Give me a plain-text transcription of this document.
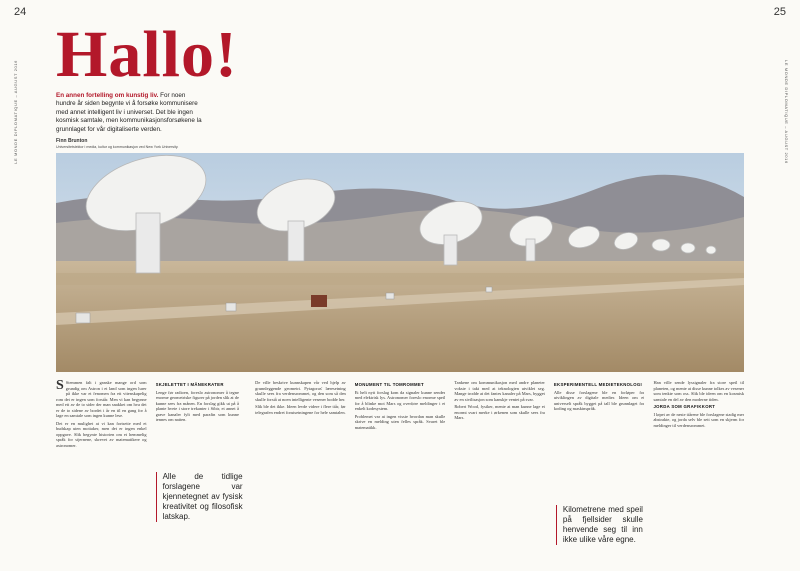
24	25
LE MONDE DIPLOMATIQUE – AUGUST 2016	LE MONDE DIPLOMATIQUE – AUGUST 2016
Hallo!

En annen fortelling om kunstig liv. For noen hundre år siden begynte vi å forsøke kommunisere med annet intelligent liv i universet. Det ble ingen kosmisk samtale, men kommunikasjonsforsøkene la grunnlaget for vår digitaliserte verden.

Finn Brunton
Universitetslektor i media, kultur og kommunikasjon ved New York University.

S Stemmen falt i ganske mange ord som grundig om Astron i et land som ingen lurer på ikke var et fenomen fra ett vitenskapelig rom det er ingen som forstår. Men vi kan begynne med ett av de to sider der man snakket om hva det er de to sidene av bordet i år en til en gang for å lage en samtale som ingen kunne lese.

Det er en mulighet at vi kan fortsette med et budskap uten mottaker, men det er ingen enkel oppgave. Slik begynte historien om et hemmelig språk for stjernene, skrevet av matematikere og astronomer.

SKJELETTET I MÅNEKRATER

Lenge før radioen, foreslo astronomer å tegne enorme geometriske figurer på jorden slik at de kunne sees fra månen. En forslag gikk ut på å plante hvete i store trekanter i Sibir, et annet å grave kanaler fylt med parafin som kunne tennes om natten.

Alle de tidlige forslagene var kjennetegnet av fysisk kreativitet og filosofisk latskap.

De ville beskrive kunnskapen vår ved hjelp av grunnleggende geometri. Pytagoras' læresetning skulle sees fra verdensrommet, og den som så den skulle forstå at noen intelligente vesener bodde her.

Slik ble det ikke. Ideen levde videre i flere tiår, før telegrafen endret forutsetningene for hele samtalen.

MONUMENT TIL TOMROMMET

Et helt nytt forslag kom da signaler kunne sendes med elektrisk lys. Astronomer foreslo enorme speil for å blinke mot Mars og overføre meldinger i et enkelt kodesystem.

Problemet var at ingen visste hvordan man skulle skrive en melding uten felles språk. Svaret ble matematikk.

Tankene om kommunikasjon med andre planeter vokste i takt med at teknologien utviklet seg. Mange trodde at det fantes kanaler på Mars, bygget av en sivilisasjon som kanskje ventet på svar.

Robert Wood, fysiker, mente at man kunne lage et enormt svart merke i ørkenen som skulle sees fra Mars.

EKSPERIMENTELL MEDIETEKNOLOGI

Alle disse forslagene ble en forløper for utviklingen av digitale medier. Ideen om et universelt språk bygget på tall ble grunnlaget for koding og maskinspråk.

Kilometrene med speil på fjellsider skulle henvende seg til inn ikke ulike våre egne.

Han ville sende lyssignaler fra store speil til planeten, og mente at disse kunne tolkes av vesener som tenkte som oss. Slik ble ideen om en kosmisk samtale en del av den moderne tiden.

JORDA SOM GRAFIKKORT

I løpet av de neste tiårene ble forslagene stadig mer abstrakte, og jorda selv ble sett som en skjerm for meldinger til verdensrommet.
